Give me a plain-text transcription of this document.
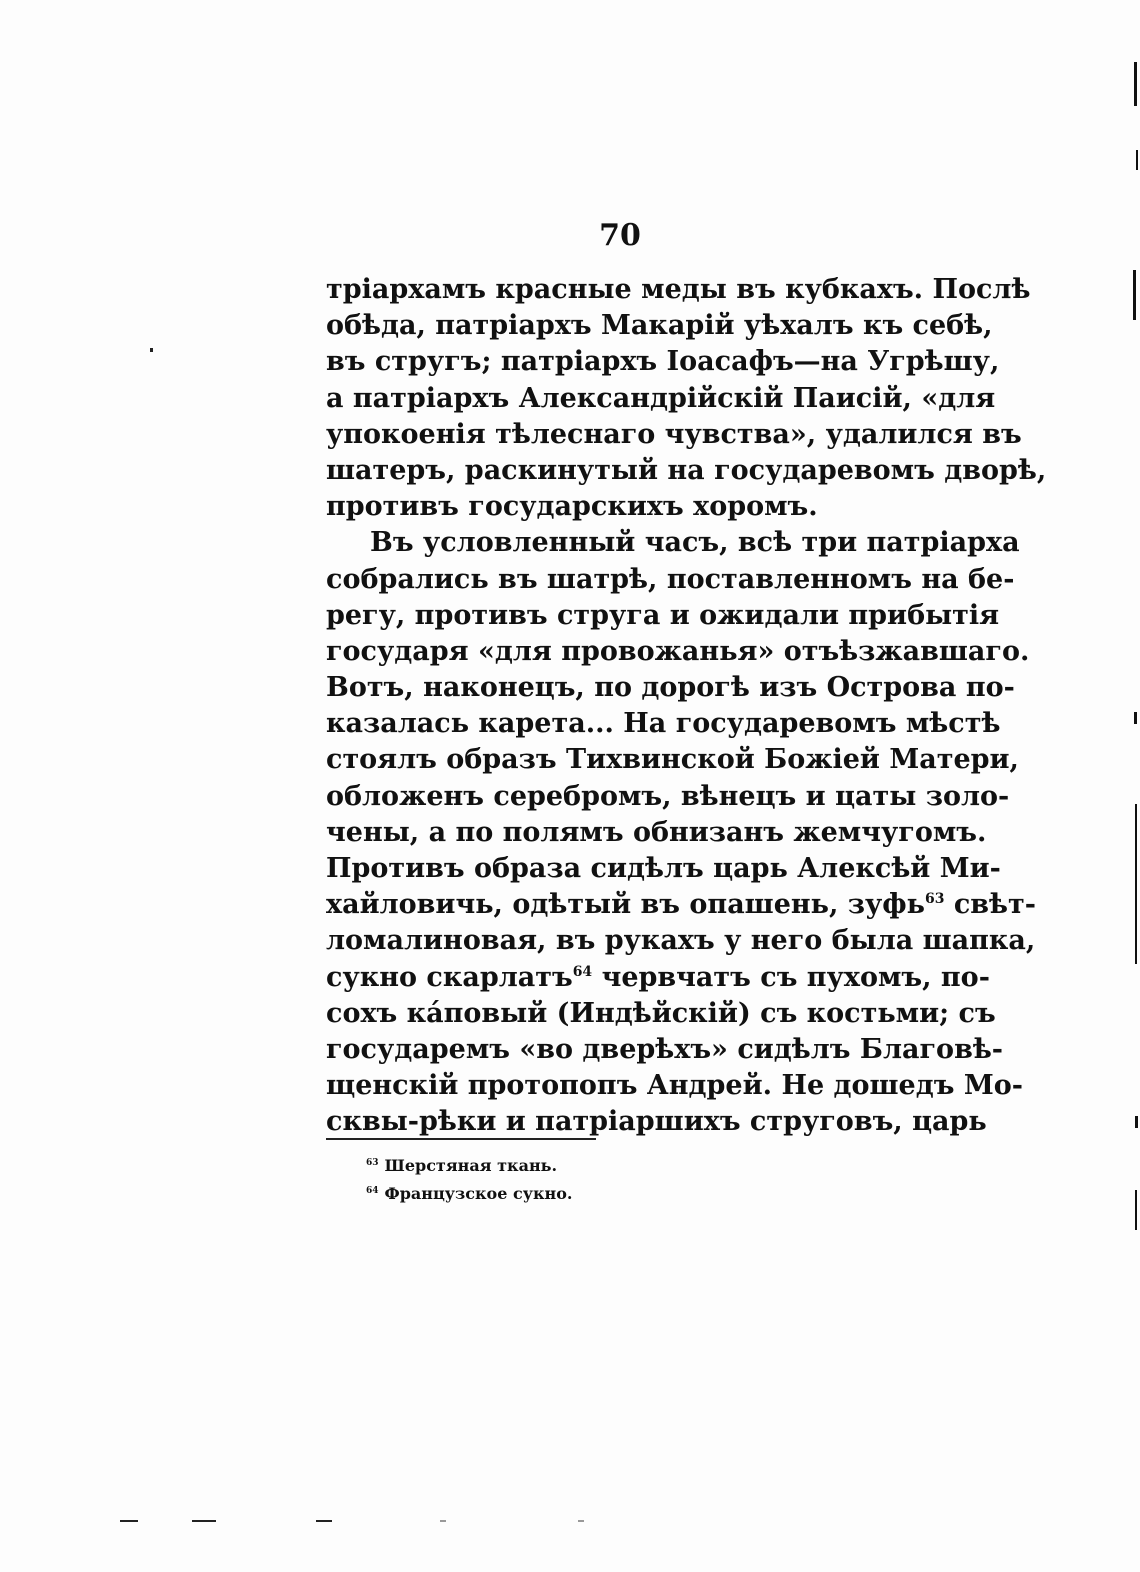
70
тріархамъ красные меды въ кубкахъ. Послѣ
обѣда, патріархъ Макарій уѣхалъ къ себѣ,
въ стругъ; патріархъ Іоасафъ—на Угрѣшу,
а патріархъ Александрійскій Паисій, «для
упокоенія тѣлеснаго чувства», удалился въ
шатеръ, раскинутый на государевомъ дворѣ,
противъ государскихъ хоромъ.
Въ условленный часъ, всѣ три патріарха
собрались въ шатрѣ, поставленномъ на бе-
регу, противъ струга и ожидали прибытія
государя «для провожанья» отъѣзжавшаго.
Вотъ, наконецъ, по дорогѣ изъ Острова по-
казалась карета... На государевомъ мѣстѣ
стоялъ образъ Тихвинской Божіей Матери,
обложенъ серебромъ, вѣнецъ и цаты золо-
чены, а по полямъ обнизанъ жемчугомъ.
Противъ образа сидѣлъ царь Алексѣй Ми-
хайловичь, одѣтый въ опашень, зуфь$^{63}$ свѣт-
ломалиновая, въ рукахъ у него была шапка,
сукно скарлатъ$^{64}$ червчатъ съ пухомъ, по-
сохъ ка́повый (Индѣйскій) съ костьми; съ
государемъ «во дверѣхъ» сидѣлъ Благовѣ-
щенскій протопопъ Андрей. Не дошедъ Мо-
сквы-рѣки и патріаршихъ струговъ, царь
$^{63}$ Шерстяная ткань.
$^{64}$ Французское сукно.
